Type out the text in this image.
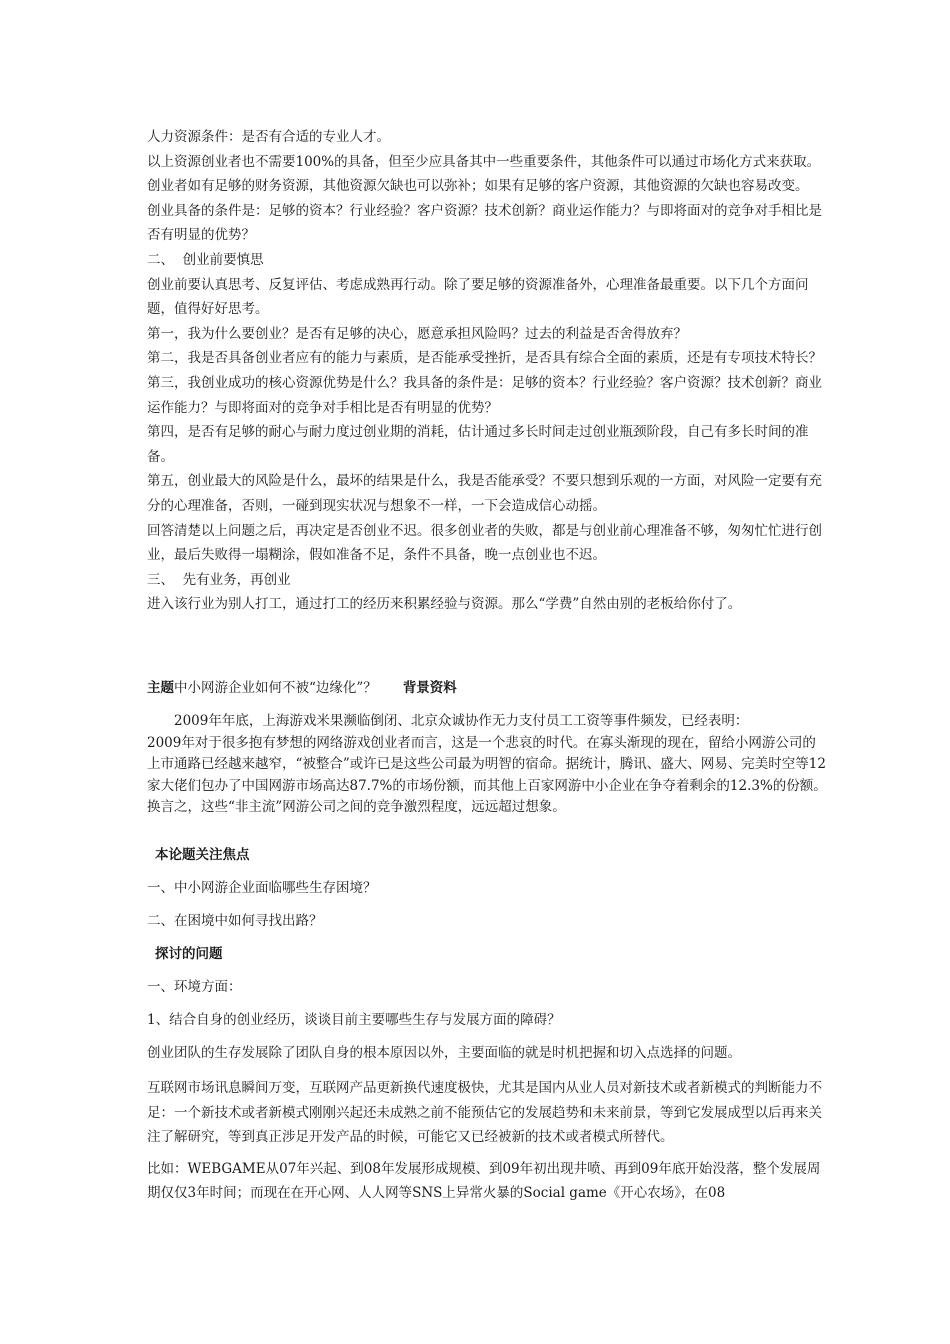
人力资源条件：是否有合适的专业人才。

以上资源创业者也不需要100%的具备，但至少应具备其中一些重要条件，其他条件可以通过市场化方式来获取。创业者如有足够的财务资源，其他资源欠缺也可以弥补；如果有足够的客户资源，其他资源的欠缺也容易改变。

创业具备的条件是：足够的资本？行业经验？客户资源？技术创新？商业运作能力？与即将面对的竞争对手相比是否有明显的优势？

二、  创业前要慎思

创业前要认真思考、反复评估、考虑成熟再行动。除了要足够的资源准备外，心理准备最重要。以下几个方面问题，值得好好思考。

第一，我为什么要创业？是否有足够的决心，愿意承担风险吗？过去的利益是否舍得放弃？

第二，我是否具备创业者应有的能力与素质，是否能承受挫折，是否具有综合全面的素质，还是有专项技术特长？

第三，我创业成功的核心资源优势是什么？我具备的条件是：足够的资本？行业经验？客户资源？技术创新？商业运作能力？与即将面对的竞争对手相比是否有明显的优势？

第四，是否有足够的耐心与耐力度过创业期的消耗，估计通过多长时间走过创业瓶颈阶段，自己有多长时间的准备。

第五，创业最大的风险是什么，最坏的结果是什么，我是否能承受？不要只想到乐观的一方面，对风险一定要有充分的心理准备，否则，一碰到现实状况与想象不一样，一下会造成信心动摇。

回答清楚以上问题之后，再决定是否创业不迟。很多创业者的失败，都是与创业前心理准备不够，匆匆忙忙进行创业，最后失败得一塌糊涂，假如准备不足，条件不具备，晚一点创业也不迟。

三、  先有业务，再创业

进入该行业为别人打工，通过打工的经历来积累经验与资源。那么“学费”自然由别的老板给你付了。

主题中小网游企业如何不被“边缘化”？ 背景资料

2009年年底，上海游戏米果濒临倒闭、北京众诚协作无力支付员工工资等事件频发，已经表明：

2009年对于很多抱有梦想的网络游戏创业者而言，这是一个悲哀的时代。在寡头渐现的现在，留给小网游公司的上市通路已经越来越窄，“被整合”或许已是这些公司最为明智的宿命。据统计，腾讯、盛大、网易、完美时空等12家大佬们包办了中国网游市场高达87.7%的市场份额，而其他上百家网游中小企业在争夺着剩余的12.3%的份额。换言之，这些“非主流”网游公司之间的竞争激烈程度，远远超过想象。

本论题关注焦点

一、中小网游企业面临哪些生存困境？

二、在困境中如何寻找出路？

探讨的问题

一、环境方面：

1、结合自身的创业经历，谈谈目前主要哪些生存与发展方面的障碍？

创业团队的生存发展除了团队自身的根本原因以外，主要面临的就是时机把握和切入点选择的问题。

互联网市场讯息瞬间万变，互联网产品更新换代速度极快，尤其是国内从业人员对新技术或者新模式的判断能力不足：一个新技术或者新模式刚刚兴起还未成熟之前不能预估它的发展趋势和未来前景，等到它发展成型以后再来关注了解研究，等到真正涉足开发产品的时候，可能它又已经被新的技术或者模式所替代。

比如：WEBGAME从07年兴起、到08年发展形成规模、到09年初出现井喷、再到09年底开始没落，整个发展周期仅仅3年时间；而现在在开心网、人人网等SNS上异常火暴的Social game《开心农场》，在08
